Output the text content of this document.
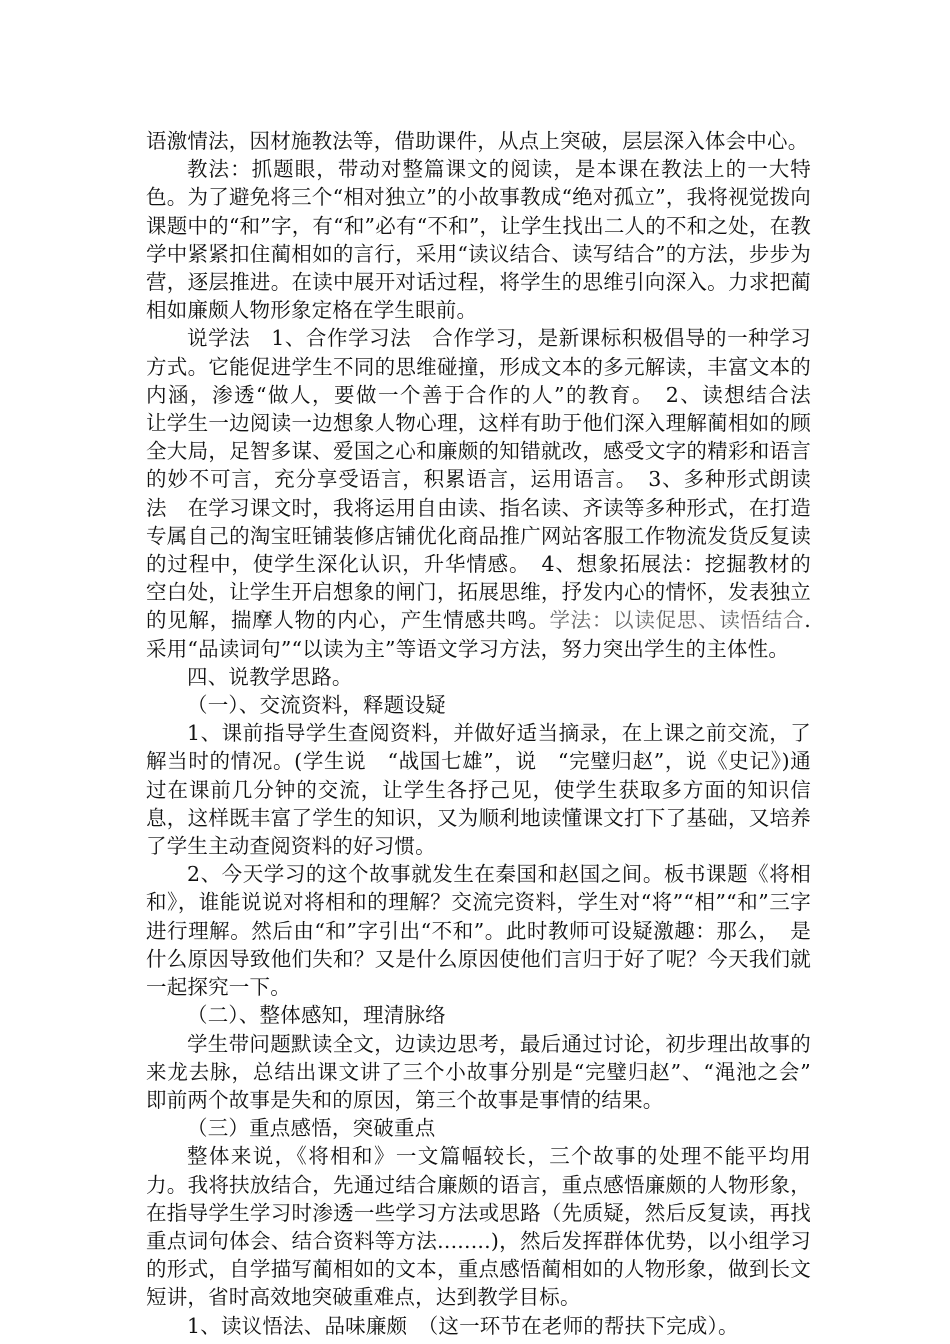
语激情法，因材施教法等，借助课件，从点上突破，层层深入体会中心。

教法：抓题眼，带动对整篇课文的阅读，是本课在教法上的一大特色。为了避免将三个“相对独立”的小故事教成“绝对孤立”，我将视觉拨向课题中的“和”字，有“和”必有“不和”，让学生找出二人的不和之处，在教学中紧紧扣住蔺相如的言行，采用“读议结合、读写结合”的方法，步步为营，逐层推进。在读中展开对话过程，将学生的思维引向深入。力求把蔺相如廉颇人物形象定格在学生眼前。

说学法　1、合作学习法　合作学习，是新课标积极倡导的一种学习方式。它能促进学生不同的思维碰撞，形成文本的多元解读，丰富文本的内涵，渗透“做人，要做一个善于合作的人”的教育。　2、读想结合法　让学生一边阅读一边想象人物心理，这样有助于他们深入理解蔺相如的顾全大局，足智多谋、爱国之心和廉颇的知错就改，感受文字的精彩和语言的妙不可言，充分享受语言，积累语言，运用语言。　3、多种形式朗读法　在学习课文时，我将运用自由读、指名读、齐读等多种形式，在打造专属自己的淘宝旺铺装修店铺优化商品推广网站客服工作物流发货反复读的过程中，使学生深化认识，升华情感。　4、想象拓展法：挖掘教材的空白处，让学生开启想象的闸门，拓展思维，抒发内心的情怀，发表独立的见解，揣摩人物的内心，产生情感共鸣。学法：以读促思、读悟结合.采用“品读词句”“以读为主”等语文学习方法，努力突出学生的主体性。

四、说教学思路。

（一）、交流资料，释题设疑

1、课前指导学生查阅资料，并做好适当摘录，在上课之前交流，了解当时的情况。(学生说　“战国七雄”，说　“完璧归赵”，说《史记》)通过在课前几分钟的交流，让学生各抒己见，使学生获取多方面的知识信息，这样既丰富了学生的知识，又为顺利地读懂课文打下了基础，又培养了学生主动查阅资料的好习惯。

2、今天学习的这个故事就发生在秦国和赵国之间。板书课题《将相和》，谁能说说对将相和的理解？交流完资料，学生对“将”“相”“和”三字进行理解。然后由“和”字引出“不和”。此时教师可设疑激趣：那么，　是什么原因导致他们失和？又是什么原因使他们言归于好了呢？今天我们就一起探究一下。

（二）、整体感知，理清脉络

学生带问题默读全文，边读边思考，最后通过讨论，初步理出故事的来龙去脉，总结出课文讲了三个小故事分别是“完璧归赵”、“渑池之会”　即前两个故事是失和的原因，第三个故事是事情的结果。

（三）重点感悟，突破重点

整体来说，《将相和》一文篇幅较长，三个故事的处理不能平均用力。我将扶放结合，先通过结合廉颇的语言，重点感悟廉颇的人物形象，在指导学生学习时渗透一些学习方法或思路（先质疑，然后反复读，再找重点词句体会、结合资料等方法........)，然后发挥群体优势，以小组学习的形式，自学描写蔺相如的文本，重点感悟蔺相如的人物形象，做到长文短讲，省时高效地突破重难点，达到教学目标。

1、读议悟法、品味廉颇　（这一环节在老师的帮扶下完成）。
